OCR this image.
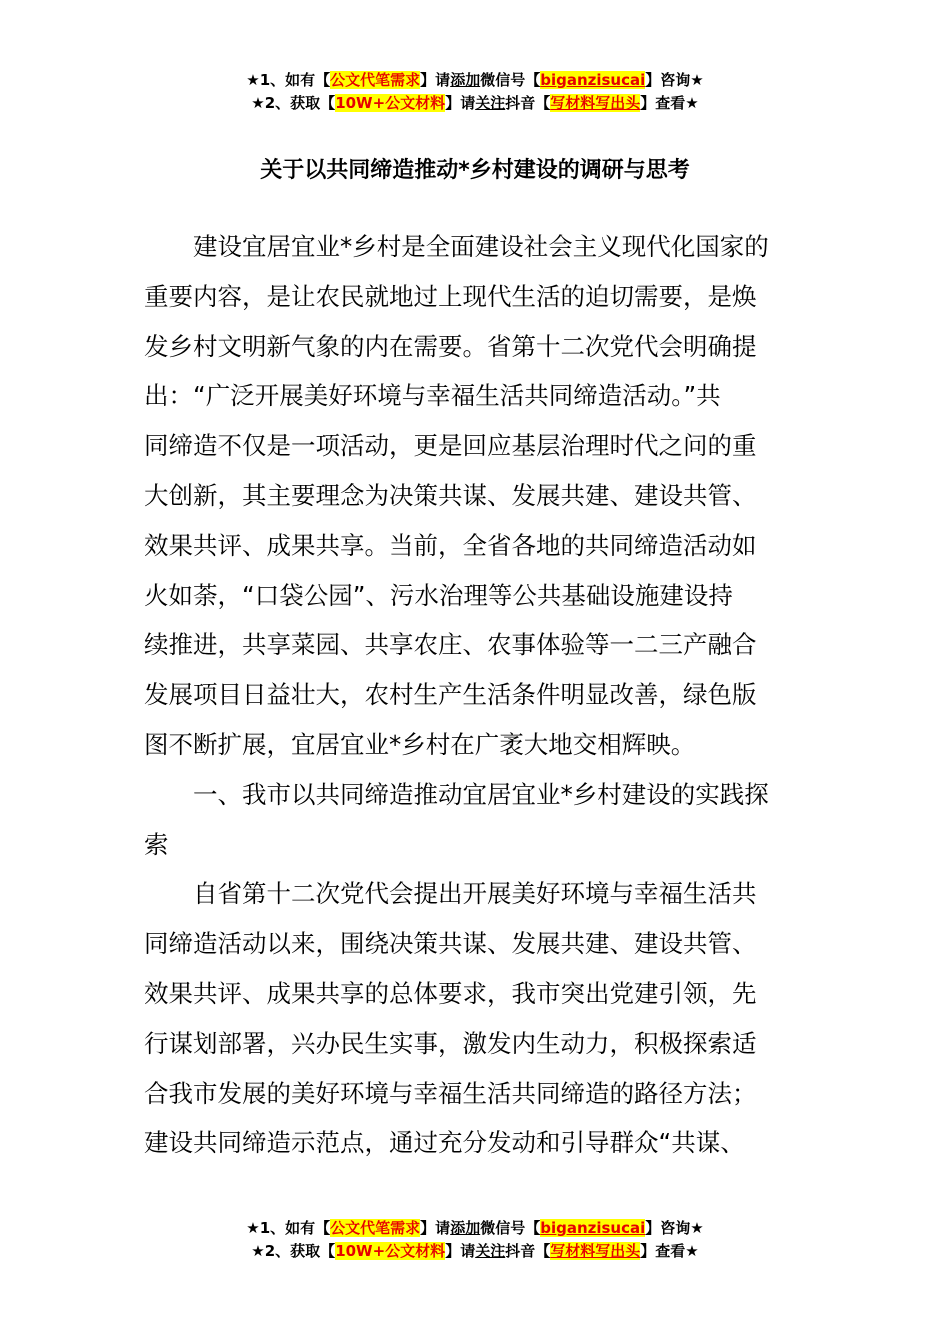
★1、如有【公文代笔需求】请添加微信号【biganzisucai】咨询★
★2、获取【10W+公文材料】请关注抖音【写材料写出头】查看★
关于以共同缔造推动*乡村建设的调研与思考
建设宜居宜业*乡村是全面建设社会主义现代化国家的
重要内容，是让农民就地过上现代生活的迫切需要，是焕
发乡村文明新气象的内在需要。省第十二次党代会明确提
出：“广泛开展美好环境与幸福生活共同缔造活动。”共
同缔造不仅是一项活动，更是回应基层治理时代之问的重
大创新，其主要理念为决策共谋、发展共建、建设共管、
效果共评、成果共享。当前，全省各地的共同缔造活动如
火如荼，“口袋公园”、污水治理等公共基础设施建设持
续推进，共享菜园、共享农庄、农事体验等一二三产融合
发展项目日益壮大，农村生产生活条件明显改善，绿色版
图不断扩展，宜居宜业*乡村在广袤大地交相辉映。
一、我市以共同缔造推动宜居宜业*乡村建设的实践探
索
自省第十二次党代会提出开展美好环境与幸福生活共
同缔造活动以来，围绕决策共谋、发展共建、建设共管、
效果共评、成果共享的总体要求，我市突出党建引领，先
行谋划部署，兴办民生实事，激发内生动力，积极探索适
合我市发展的美好环境与幸福生活共同缔造的路径方法；
建设共同缔造示范点，通过充分发动和引导群众“共谋、
★1、如有【公文代笔需求】请添加微信号【biganzisucai】咨询★
★2、获取【10W+公文材料】请关注抖音【写材料写出头】查看★
